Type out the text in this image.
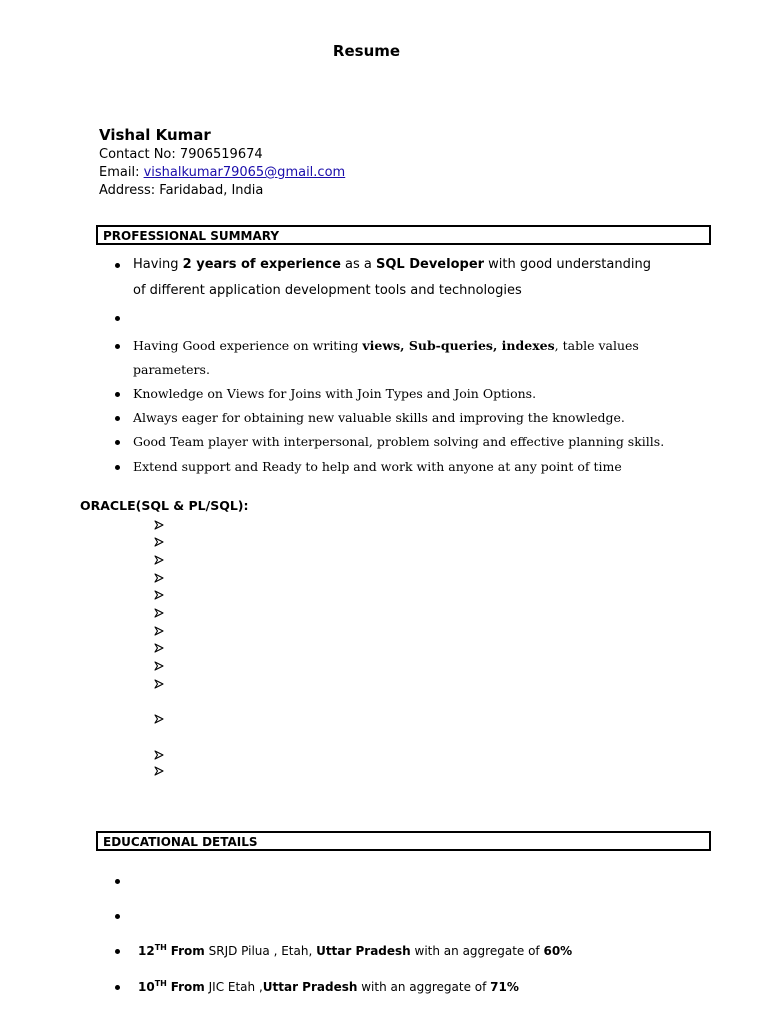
Resume
Vishal Kumar
Contact No: 7906519674
Email: vishalkumar79065@gmail.com
Address: Faridabad, India
PROFESSIONAL SUMMARY
Having 2 years of experience as a SQL Developer with good understanding
of different application development tools and technologies
Having Good experience on writing views, Sub-queries, indexes, table values
parameters.
Knowledge on Views for Joins with Join Types and Join Options.
Always eager for obtaining new valuable skills and improving the knowledge.
Good Team player with interpersonal, problem solving and effective planning skills.
Extend support and Ready to help and work with anyone at any point of time
ORACLE(SQL & PL/SQL):
EDUCATIONAL DETAILS
12TH From SRJD Pilua , Etah, Uttar Pradesh with an aggregate of 60%
10TH From JIC Etah ,Uttar Pradesh with an aggregate of 71%
